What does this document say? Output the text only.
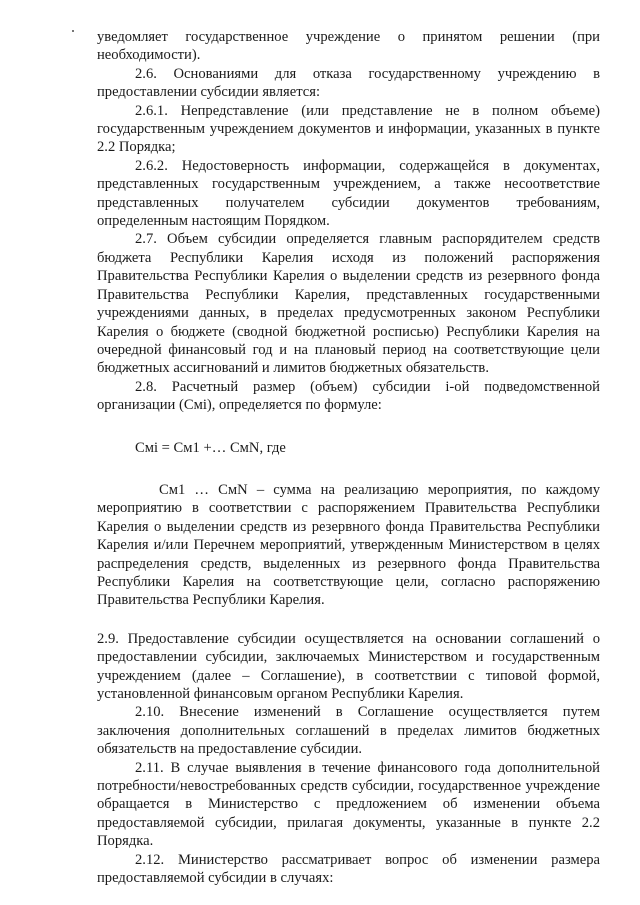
уведомляет государственное учреждение о принятом решении (при необходимости).

2.6. Основаниями для отказа государственному учреждению в предоставлении субсидии является:

2.6.1. Непредставление (или представление не в полном объеме) государственным учреждением документов и информации, указанных в пункте 2.2 Порядка;

2.6.2. Недостоверность информации, содержащейся в документах, представленных государственным учреждением, а также несоответствие представленных получателем субсидии документов требованиям, определенным настоящим Порядком.

2.7. Объем субсидии определяется главным распорядителем средств бюджета Республики Карелия исходя из положений распоряжения Правительства Республики Карелия о выделении средств из резервного фонда Правительства Республики Карелия, представленных государственными учреждениями данных, в пределах предусмотренных законом Республики Карелия о бюджете (сводной бюджетной росписью) Республики Карелия на очередной финансовый год и на плановый период на соответствующие цели бюджетных ассигнований и лимитов бюджетных обязательств.

2.8. Расчетный размер (объем) субсидии i-ой подведомственной организации (Смi), определяется по формуле:

Смi = См1 +… СмN, где

См1 … СмN – сумма на реализацию мероприятия, по каждому мероприятию в соответствии с распоряжением Правительства Республики Карелия о выделении средств из резервного фонда Правительства Республики Карелия и/или Перечнем мероприятий, утвержденным Министерством в целях распределения средств, выделенных из резервного фонда Правительства Республики Карелия на соответствующие цели, согласно распоряжению Правительства Республики Карелия.

2.9. Предоставление субсидии осуществляется на основании соглашений о предоставлении субсидии, заключаемых Министерством и государственным учреждением (далее – Соглашение), в соответствии с типовой формой, установленной финансовым органом Республики Карелия.

2.10. Внесение изменений в Соглашение осуществляется путем заключения дополнительных соглашений в пределах лимитов бюджетных обязательств на предоставление субсидии.

2.11. В случае выявления в течение финансового года дополнительной потребности/невостребованных средств субсидии, государственное учреждение обращается в Министерство с предложением об изменении объема предоставляемой субсидии, прилагая документы, указанные в пункте 2.2 Порядка.

2.12. Министерство рассматривает вопрос об изменении размера предоставляемой субсидии в случаях:
